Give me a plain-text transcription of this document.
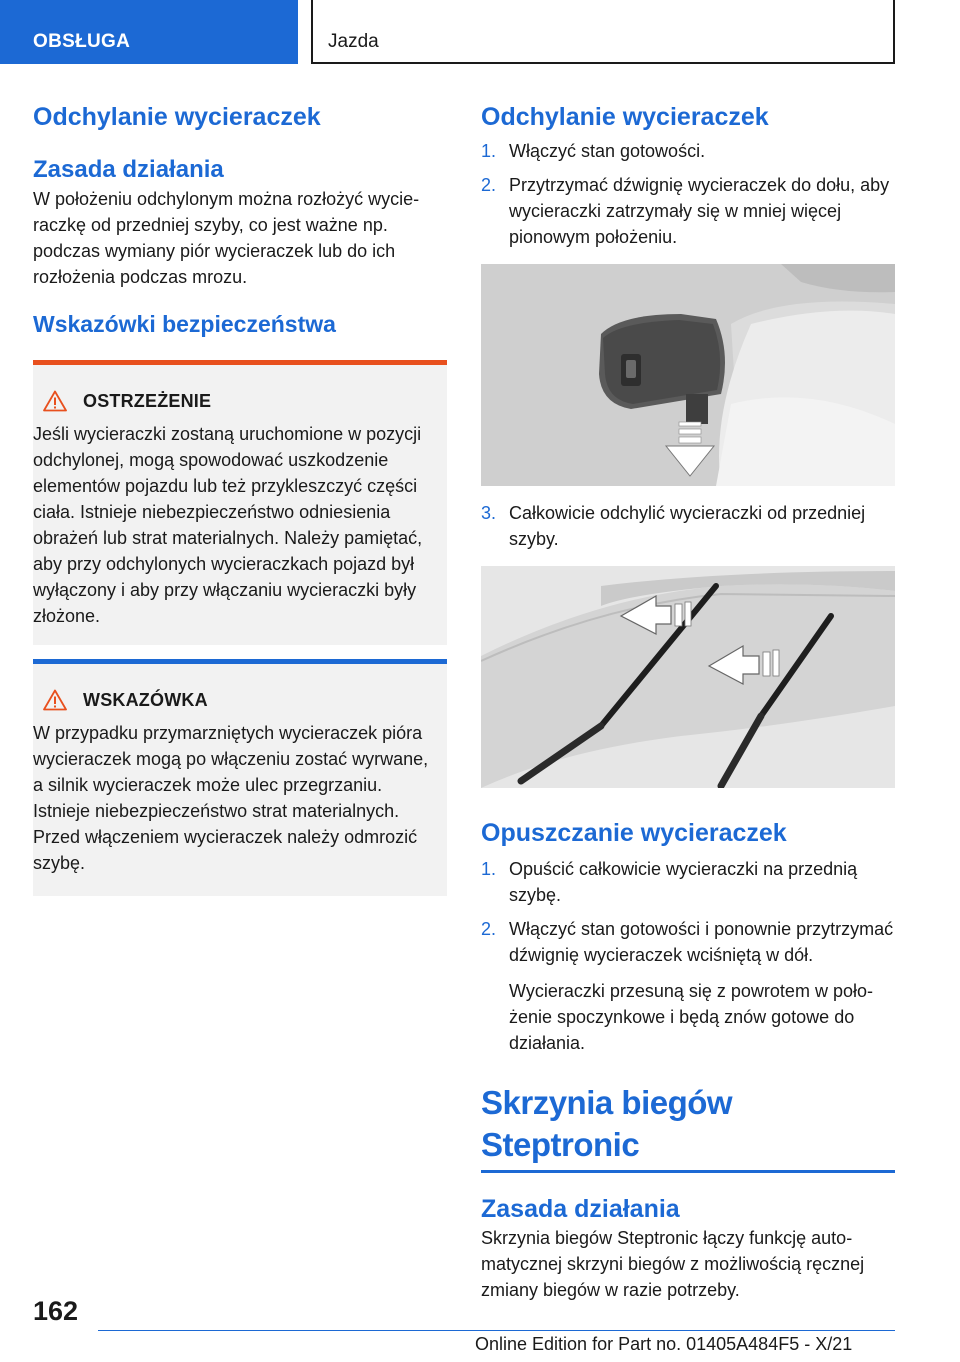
OBSŁUGA	Jazda
Odchylanie wycieraczek
Zasada działania

W położeniu odchylonym można rozłożyć wycieraczkę od przedniej szyby, co jest ważne np. podczas wymiany piór wycieraczek lub do ich rozłożenia podczas mrozu.

Wskazówki bezpieczeństwa
OSTRZEŻENIE

Jeśli wycieraczki zostaną uruchomione w pozycji odchylonej, mogą spowodować uszkodzenie elementów pojazdu lub też przykleszczyć części ciała. Istnieje niebezpieczeństwo odniesienia obrażeń lub strat materialnych. Należy pamiętać, aby przy odchylonych wycieraczkach pojazd był wyłączony i aby przy włączaniu wycieraczki były złożone.

WSKAZÓWKA

W przypadku przymarzniętych wycieraczek pióra wycieraczek mogą po włączeniu zostać wyrwane, a silnik wycieraczek może ulec przegrzaniu. Istnieje niebezpieczeństwo strat materialnych. Przed włączeniem wycieraczek należy odmrozić szybę.

Odchylanie wycieraczek
1. Włączyć stan gotowości.
2. Przytrzymać dźwignię wycieraczek do dołu, aby wycieraczki zatrzymały się w mniej więcej pionowym położeniu.
3. Całkowicie odchylić wycieraczki od przedniej szyby.
Opuszczanie wycieraczek
1. Opuścić całkowicie wycieraczki na przednią szybę.
2. Włączyć stan gotowości i ponownie przytrzymać dźwignię wycieraczek wciśniętą w dół.

Wycieraczki przesuną się z powrotem w położenie spoczynkowe i będą znów gotowe do działania.

Skrzynia biegów Steptronic
Zasada działania

Skrzynia biegów Steptronic łączy funkcję automatycznej skrzyni biegów z możliwością ręcznej zmiany biegów w razie potrzeby.

162
Online Edition for Part no. 01405A484F5 - X/21
